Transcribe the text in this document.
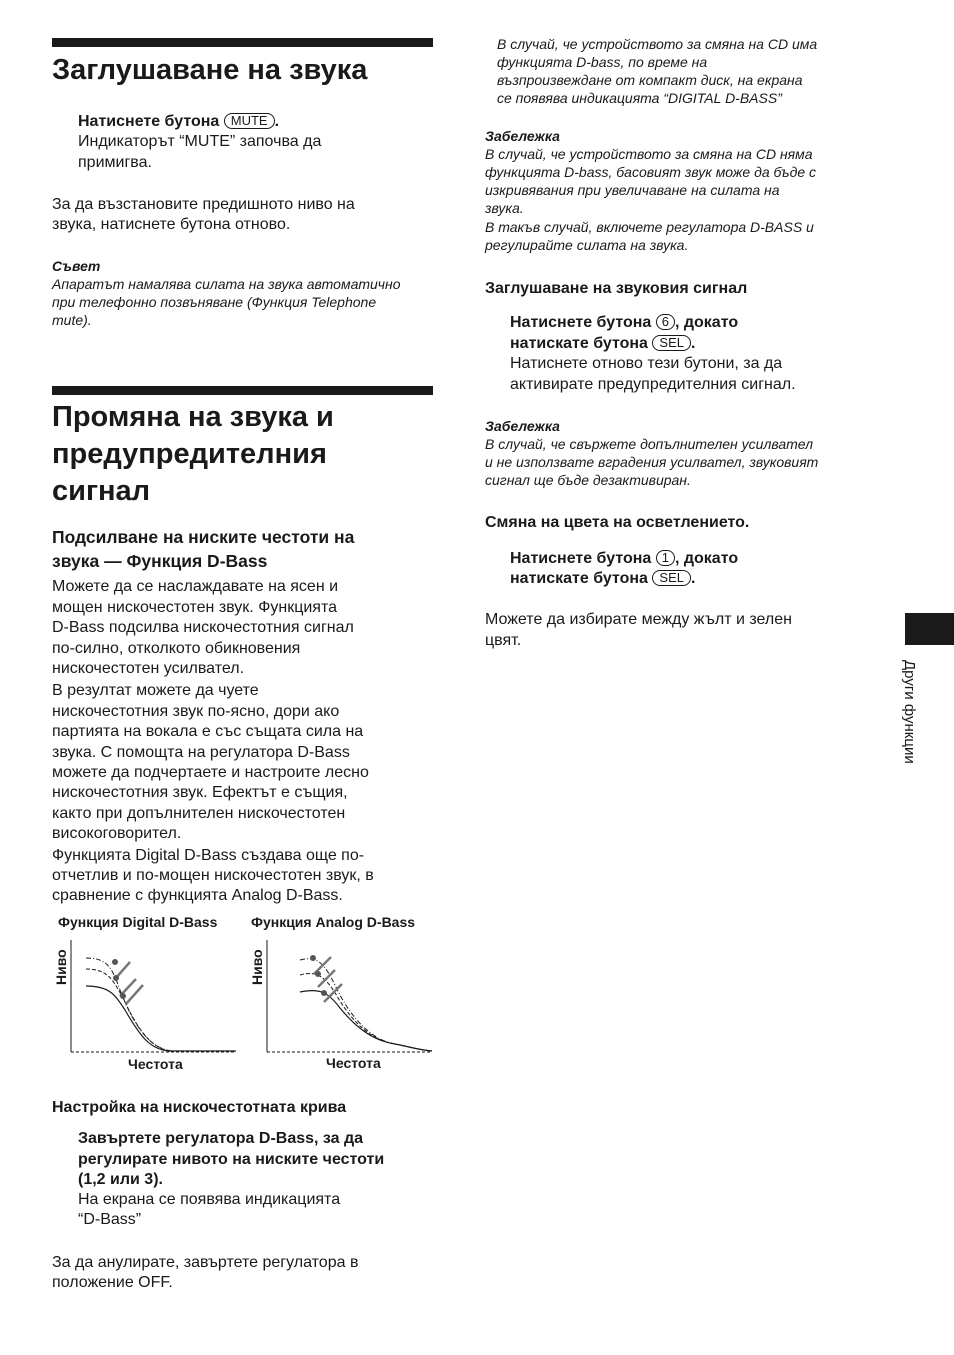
Заглушаване на звука

Натиснете бутона MUTE .

Индикаторът “MUTE” започва да

примигва.

За да възстановите предишното ниво на

звука, натиснете бутона отново.

Съвет

Апаратът намалява силата на звука автоматично

при телефонно позвъняване (Функция Telephone

mute).

Промяна на звука и
предупредителния
сигнал
Подсилване на ниските честоти на
звука — Функция D-Bass

Можете да се наслаждавате на ясен и

мощен нискочестотен звук. Функцията

D-Bass подсилва нискочестотния сигнал

по-силно, отколкото обикновения

нискочестотен усилвател.

В резултат можете да чуете

нискочестотния звук по-ясно, дори ако

партията на вокала е със същата сила на

звука. С помощта на регулатора D-Bass

можете да подчертаете и настроите лесно

нискочестотния звук. Ефектът е същия,

както при допълнителен нискочестотен

високоговорител.

Функцията Digital D-Bass създава още по-

отчетлив и по-мощен нискочестотен звук, в

сравнение с функцията Analog D-Bass.

Функция Digital D-Bass Функция Analog D-Bass
Ниво
Честота
Ниво
Честота
Настройка на нискочестотната крива

Завъртете регулатора D-Bass, за да

регулирате нивото на ниските честоти

(1,2 или 3).

На екрана се появява индикацията

“D-Bass”

За да анулирате, завъртете регулатора в

положение OFF.

В случай, че устройството за смяна на CD има

функцията D-bass, по време на

възпроизвеждане от компакт диск, на екрана

се появява индикацията “DIGITAL D-BASS”

Забележка

В случай, че устройството за смяна на CD няма

функцията D-bass, басовият звук може да бъде с

изкривявания при увеличаване на силата на

звука.

В такъв случай, включете регулатора D-BASS и

регулирайте силата на звука.

Заглушаване на звуковия сигнал

Натиснете бутона 6 , докато

натискате бутона SEL .

Натиснете отново тези бутони, за да

активирате предупредителния сигнал.

Забележка

В случай, че свържете допълнителен усилвател

и не използвате вградения усилвател, звуковият

сигнал ще бъде дезактивиран.

Смяна на цвета на осветлението.

Натиснете бутона 1 , докато

натискате бутона SEL .

Можете да избирате между жълт и зелен

цвят.

Други функции
